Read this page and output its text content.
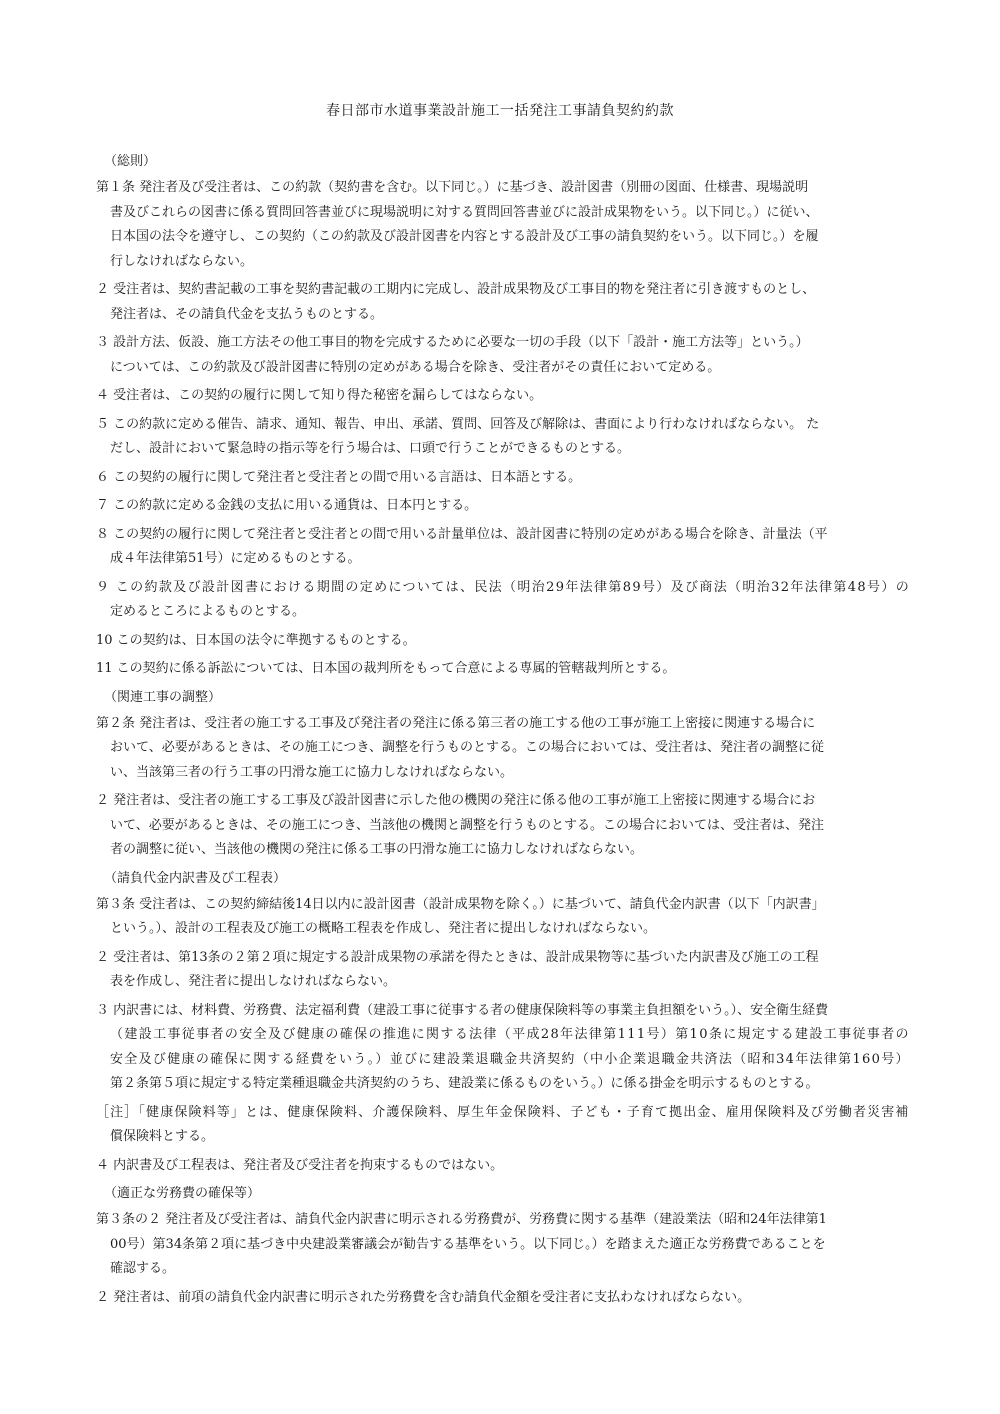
春日部市水道事業設計施工一括発注工事請負契約約款
（総則）
第１条 発注者及び受注者は、この約款（契約書を含む。以下同じ。）に基づき、設計図書（別冊の図面、仕様書、現場説明
書及びこれらの図書に係る質問回答書並びに現場説明に対する質問回答書並びに設計成果物をいう。以下同じ。）に従い、
日本国の法令を遵守し、この契約（この約款及び設計図書を内容とする設計及び工事の請負契約をいう。以下同じ。）を履
行しなければならない。
２ 受注者は、契約書記載の工事を契約書記載の工期内に完成し、設計成果物及び工事目的物を発注者に引き渡すものとし、
発注者は、その請負代金を支払うものとする。
３ 設計方法、仮設、施工方法その他工事目的物を完成するために必要な一切の手段（以下「設計・施工方法等」という。）
については、この約款及び設計図書に特別の定めがある場合を除き、受注者がその責任において定める。
４ 受注者は、この契約の履行に関して知り得た秘密を漏らしてはならない。
５ この約款に定める催告、請求、通知、報告、申出、承諾、質問、回答及び解除は、書面により行わなければならない。 た
だし、設計において緊急時の指示等を行う場合は、口頭で行うことができるものとする。
６ この契約の履行に関して発注者と受注者との間で用いる言語は、日本語とする。
７ この約款に定める金銭の支払に用いる通貨は、日本円とする。
８ この契約の履行に関して発注者と受注者との間で用いる計量単位は、設計図書に特別の定めがある場合を除き、計量法（平
成４年法律第51号）に定めるものとする。
９ この約款及び設計図書における期間の定めについては、民法（明治29年法律第89号）及び商法（明治32年法律第48号）の
定めるところによるものとする。
10 この契約は、日本国の法令に準拠するものとする。
11 この契約に係る訴訟については、日本国の裁判所をもって合意による専属的管轄裁判所とする。
（関連工事の調整）
第２条 発注者は、受注者の施工する工事及び発注者の発注に係る第三者の施工する他の工事が施工上密接に関連する場合に
おいて、必要があるときは、その施工につき、調整を行うものとする。この場合においては、受注者は、発注者の調整に従
い、当該第三者の行う工事の円滑な施工に協力しなければならない。
２ 発注者は、受注者の施工する工事及び設計図書に示した他の機関の発注に係る他の工事が施工上密接に関連する場合にお
いて、必要があるときは、その施工につき、当該他の機関と調整を行うものとする。この場合においては、受注者は、発注
者の調整に従い、当該他の機関の発注に係る工事の円滑な施工に協力しなければならない。
（請負代金内訳書及び工程表）
第３条 受注者は、この契約締結後14日以内に設計図書（設計成果物を除く。）に基づいて、請負代金内訳書（以下「内訳書」
という。）、設計の工程表及び施工の概略工程表を作成し、発注者に提出しなければならない。
２ 受注者は、第13条の２第２項に規定する設計成果物の承諾を得たときは、設計成果物等に基づいた内訳書及び施工の工程
表を作成し、発注者に提出しなければならない。
３ 内訳書には、材料費、労務費、法定福利費（建設工事に従事する者の健康保険料等の事業主負担額をいう。）、安全衛生経費
（建設工事従事者の安全及び健康の確保の推進に関する法律（平成28年法律第111号）第10条に規定する建設工事従事者の
安全及び健康の確保に関する経費をいう。）並びに建設業退職金共済契約（中小企業退職金共済法（昭和34年法律第160号）
第２条第５項に規定する特定業種退職金共済契約のうち、建設業に係るものをいう。）に係る掛金を明示するものとする。
［注］「健康保険料等」とは、健康保険料、介護保険料、厚生年金保険料、子ども・子育て拠出金、雇用保険料及び労働者災害補
償保険料とする。
４ 内訳書及び工程表は、発注者及び受注者を拘束するものではない。
（適正な労務費の確保等）
第３条の２ 発注者及び受注者は、請負代金内訳書に明示される労務費が、労務費に関する基準（建設業法（昭和24年法律第1
00号）第34条第２項に基づき中央建設業審議会が勧告する基準をいう。以下同じ。）を踏まえた適正な労務費であることを
確認する。
２ 発注者は、前項の請負代金内訳書に明示された労務費を含む請負代金額を受注者に支払わなければならない。
